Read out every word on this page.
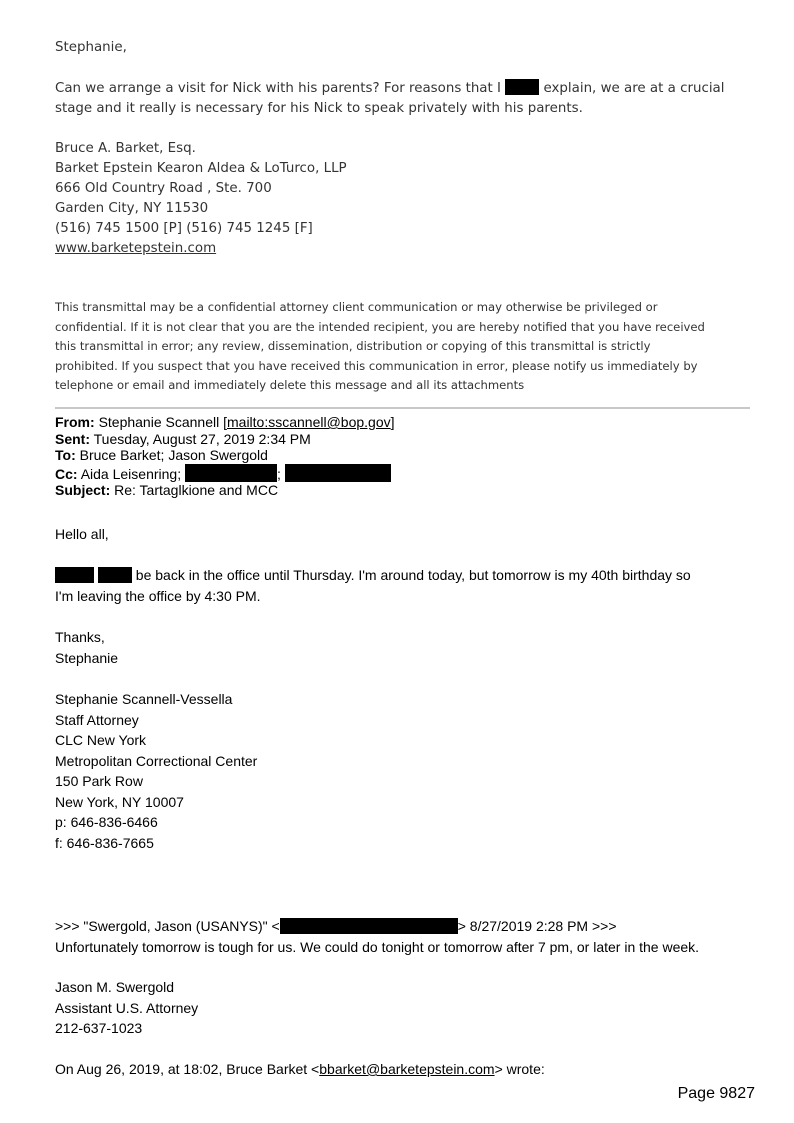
Stephanie,

Can we arrange a visit for Nick with his parents? For reasons that I	explain, we are at a crucial

stage and it really is necessary for his Nick to speak privately with his parents.

Bruce A. Barket, Esq.
Barket Epstein Kearon Aldea & LoTurco, LLP
666 Old Country Road , Ste. 700
Garden City, NY 11530
(516) 745 1500 [P] (516) 745 1245 [F]
www.barketepstein.com
This transmittal may be a confidential attorney client communication or may otherwise be privileged or
confidential. If it is not clear that you are the intended recipient, you are hereby notified that you have received
this transmittal in error; any review, dissemination, distribution or copying of this transmittal is strictly
prohibited. If you suspect that you have received this communication in error, please notify us immediately by
telephone or email and immediately delete this message and all its attachments
From: Stephanie Scannell [mailto:sscannell@bop.gov]
Sent: Tuesday, August 27, 2019 2:34 PM
To: Bruce Barket; Jason Swergold
Cc: Aida Leisenring;	;
Subject: Re: Tartaglkione and MCC
Hello all,
be back in the office until Thursday. I'm around today, but tomorrow is my 40th birthday so
I'm leaving the office by 4:30 PM.
Thanks,
Stephanie
Stephanie Scannell-Vessella
Staff Attorney
CLC New York
Metropolitan Correctional Center
150 Park Row
New York, NY 10007
p: 646-836-6466
f: 646-836-7665
>>> "Swergold, Jason (USANYS)" <	> 8/27/2019 2:28 PM >>>
Unfortunately tomorrow is tough for us. We could do tonight or tomorrow after 7 pm, or later in the week.
Jason M. Swergold
Assistant U.S. Attorney
212-637-1023
On Aug 26, 2019, at 18:02, Bruce Barket <bbarket@barketepstein.com> wrote:
Page 9827
